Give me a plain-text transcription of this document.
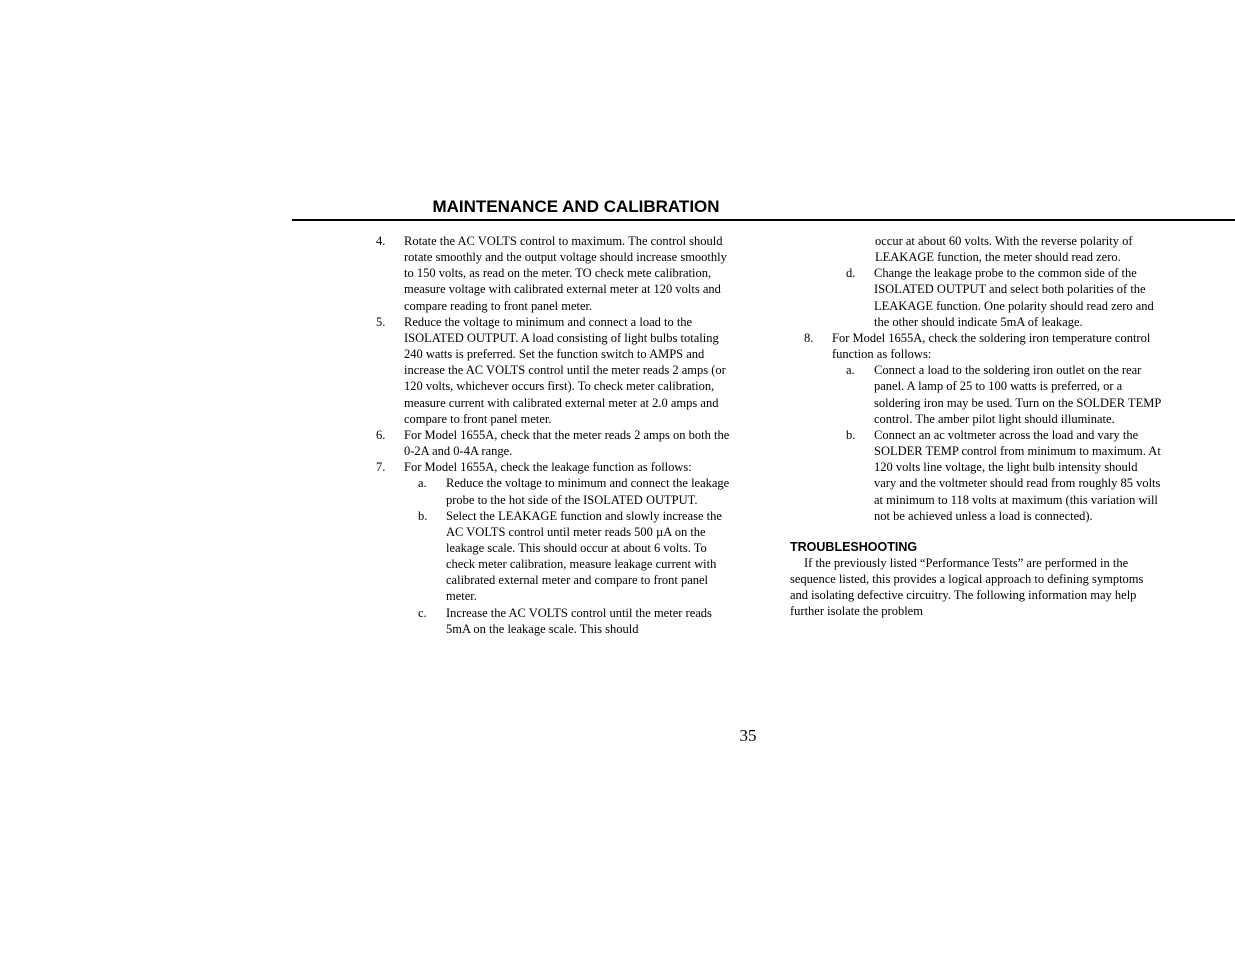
MAINTENANCE AND CALIBRATION
4.	Rotate the AC VOLTS control to maximum. The control should rotate smoothly and the output voltage should increase smoothly to 150 volts, as read on the meter. TO check mete calibration, measure voltage with calibrated external meter at 120 volts and compare reading to front panel meter.
5.	Reduce the voltage to minimum and connect a load to the ISOLATED OUTPUT. A load consisting of light bulbs totaling 240 watts is preferred. Set the function switch to AMPS and increase the AC VOLTS control until the meter reads 2 amps (or 120 volts, whichever occurs first). To check meter calibration, measure current with calibrated external meter at 2.0 amps and compare to front panel meter.
6.	For Model 1655A, check that the meter reads 2 amps on both the 0-2A and 0-4A range.
7.	For Model 1655A, check the leakage function as follows:
a.	Reduce the voltage to minimum and connect the leakage probe to the hot side of the ISOLATED OUTPUT.
b.	Select the LEAKAGE function and slowly increase the AC VOLTS control until meter reads 500 µA on the leakage scale. This should occur at about 6 volts. To check meter calibration, measure leakage current with calibrated external meter and compare to front panel meter.
c.	Increase the AC VOLTS control until the meter reads 5mA on the leakage scale. This should
occur at about 60 volts. With the reverse polarity of LEAKAGE function, the meter should read zero.
d.	Change the leakage probe to the common side of the ISOLATED OUTPUT and select both polarities of the LEAKAGE function. One polarity should read zero and the other should indicate 5mA of leakage.
8.	For Model 1655A, check the soldering iron temperature control function as follows:
a.	Connect a load to the soldering iron outlet on the rear panel. A lamp of 25 to 100 watts is preferred, or a soldering iron may be used. Turn on the SOLDER TEMP control. The amber pilot light should illuminate.
b.	Connect an ac voltmeter across the load and vary the SOLDER TEMP control from minimum to maximum. At 120 volts line voltage, the light bulb intensity should vary and the voltmeter should read from roughly 85 volts at minimum to 118 volts at maximum (this variation will not be achieved unless a load is connected).
TROUBLESHOOTING
If the previously listed “Performance Tests” are performed in the sequence listed, this provides a logical approach to defining symptoms and isolating defective circuitry. The following information may help further isolate the problem
35
